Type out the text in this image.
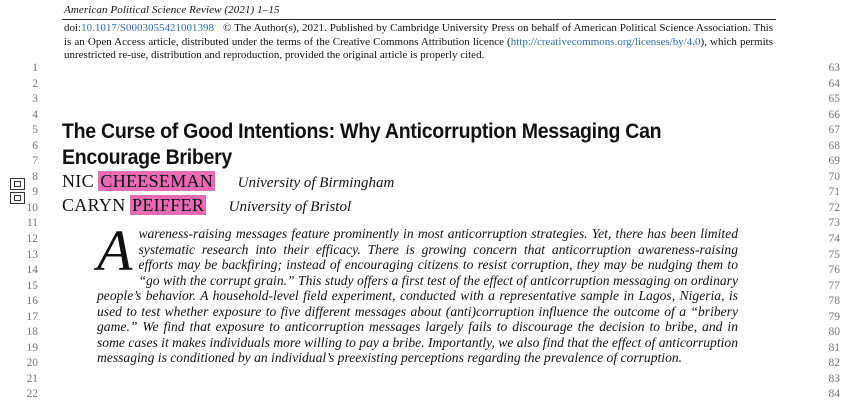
American Political Science Review (2021) 1–15
doi:10.1017/S0003055421001398 © The Author(s), 2021. Published by Cambridge University Press on behalf of American Political Science Association. This is an Open Access article, distributed under the terms of the Creative Commons Attribution licence (http://creativecommons.org/licenses/by/4.0), which permits unrestricted re-use, distribution and reproduction, provided the original article is properly cited.
1
2
3
4
5
6
7
8
9
10
11
12
13
14
15
16
17
18
19
20
21
22
63
64
65
66
67
68
69
70
71
72
73
74
75
76
77
78
79
80
81
82
83
84
The Curse of Good Intentions: Why Anticorruption Messaging Can Encourage Bribery
NIC CHEESEMAN University of Birmingham
CARYN PEIFFER University of Bristol
Awareness-raising messages feature prominently in most anticorruption strategies. Yet, there has been limited systematic research into their efficacy. There is growing concern that anticorruption awareness-raising efforts may be backfiring; instead of encouraging citizens to resist corruption, they may be nudging them to “go with the corrupt grain.” This study offers a first test of the effect of anticorruption messaging on ordinary people’s behavior. A household-level field experiment, conducted with a representative sample in Lagos, Nigeria, is used to test whether exposure to five different messages about (anti)corruption influence the outcome of a “bribery game.” We find that exposure to anticorruption messages largely fails to discourage the decision to bribe, and in some cases it makes individuals more willing to pay a bribe. Importantly, we also find that the effect of anticorruption messaging is conditioned by an individual’s preexisting perceptions regarding the prevalence of corruption.
